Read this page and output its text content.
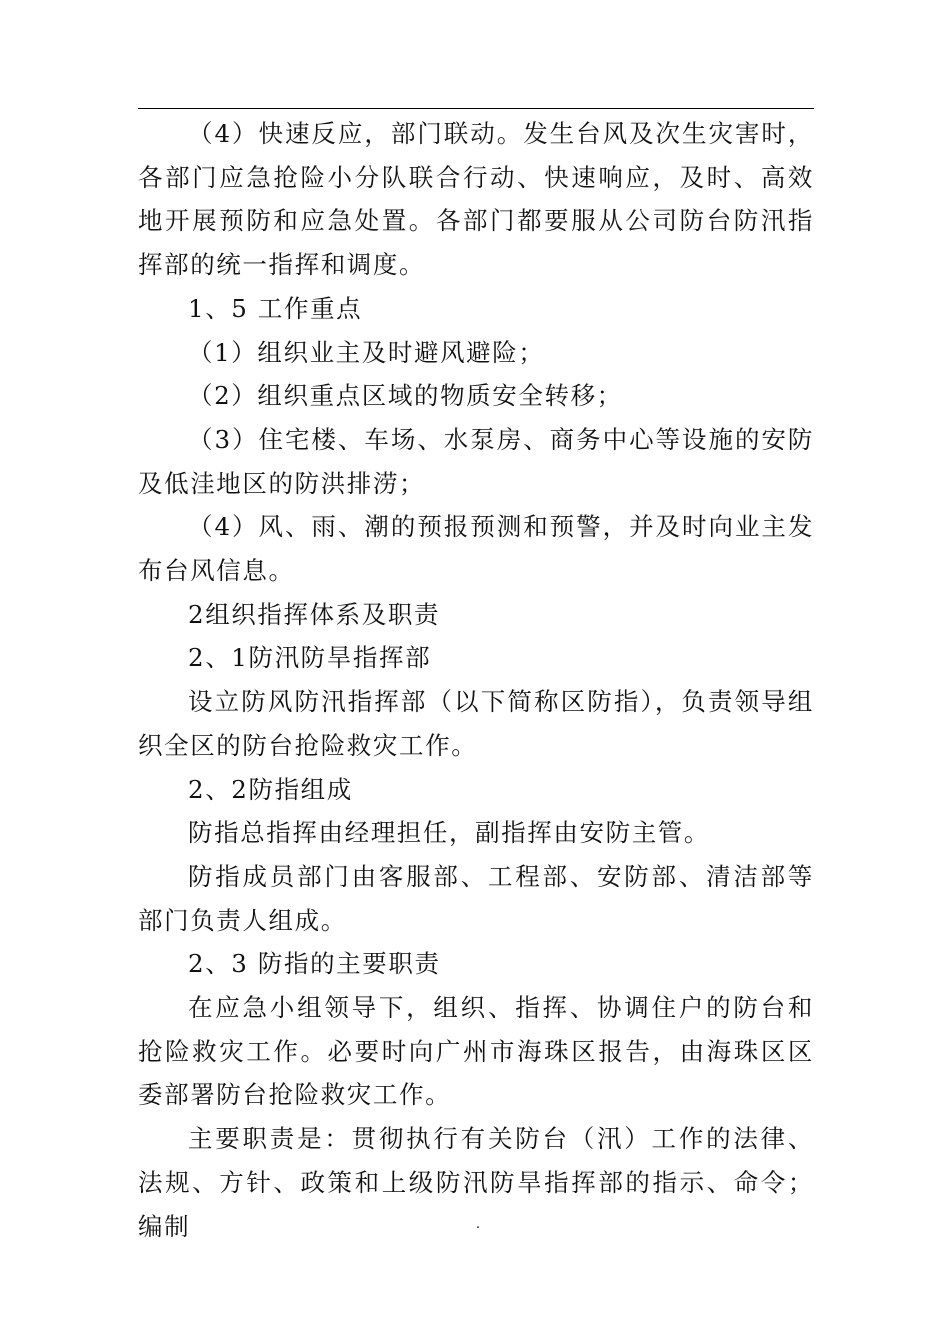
（4）快速反应，部门联动。发生台风及次生灾害时，各部门应急抢险小分队联合行动、快速响应，及时、高效地开展预防和应急处置。各部门都要服从公司防台防汛指挥部的统一指挥和调度。

1、5 工作重点

（1）组织业主及时避风避险；

（2）组织重点区域的物质安全转移；

（3）住宅楼、车场、水泵房、商务中心等设施的安防及低洼地区的防洪排涝；

（4）风、雨、潮的预报预测和预警，并及时向业主发布台风信息。

2组织指挥体系及职责

2、1防汛防旱指挥部

设立防风防汛指挥部（以下简称区防指），负责领导组织全区的防台抢险救灾工作。

2、2防指组成

防指总指挥由经理担任，副指挥由安防主管。

防指成员部门由客服部、工程部、安防部、清洁部等部门负责人组成。

2、3 防指的主要职责

在应急小组领导下，组织、指挥、协调住户的防台和抢险救灾工作。必要时向广州市海珠区报告，由海珠区区委部署防台抢险救灾工作。

主要职责是：贯彻执行有关防台（汛）工作的法律、法规、方针、政策和上级防汛防旱指挥部的指示、命令；编制	.
